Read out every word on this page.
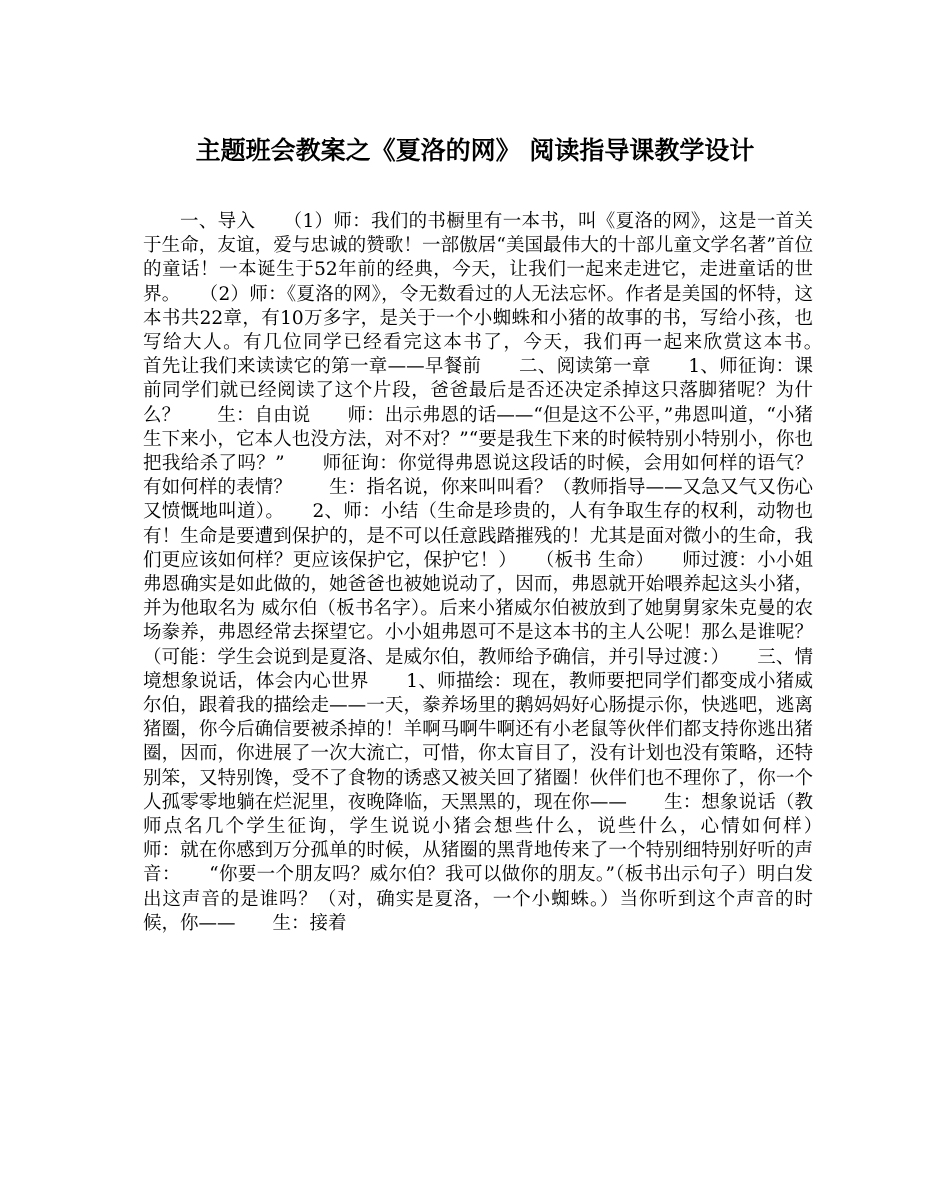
主题班会教案之《夏洛的网》 阅读指导课教学设计

一、导入　　（1）师：我们的书橱里有一本书，叫《夏洛的网》，这是一首关于生命，友谊，爱与忠诚的赞歌！一部傲居“美国最伟大的十部儿童文学名著”首位的童话！一本诞生于52年前的经典，今天，让我们一起来走进它，走进童话的世界。　　（2）师：《夏洛的网》，令无数看过的人无法忘怀。作者是美国的怀特，这本书共22章，有10万多字，是关于一个小蜘蛛和小猪的故事的书，写给小孩，也写给大人。有几位同学已经看完这本书了，今天，我们再一起来欣赏这本书。　　首先让我们来读读它的第一章——早餐前　　二、阅读第一章　　1、师征询：课前同学们就已经阅读了这个片段，爸爸最后是否还决定杀掉这只落脚猪呢？为什么？　　生：自由说　　师：出示弗恩的话——“但是这不公平，”弗恩叫道，“小猪生下来小，它本人也没方法，对不对？”“要是我生下来的时候特别小特别小，你也把我给杀了吗？”　　师征询：你觉得弗恩说这段话的时候，会用如何样的语气？有如何样的表情？　　生：指名说，你来叫叫看？（教师指导——又急又气又伤心又愤慨地叫道）。　　2、师：小结（生命是珍贵的，人有争取生存的权利，动物也有！生命是要遭到保护的，是不可以任意践踏摧残的！尤其是面对微小的生命，我们更应该如何样？更应该保护它，保护它！）　　（板书 生命）　　师过渡：小小姐弗恩确实是如此做的，她爸爸也被她说动了，因而，弗恩就开始喂养起这头小猪，并为他取名为 威尔伯（板书名字）。后来小猪威尔伯被放到了她舅舅家朱克曼的农场豢养，弗恩经常去探望它。小小姐弗恩可不是这本书的主人公呢！那么是谁呢？　　（可能：学生会说到是夏洛、是威尔伯，教师给予确信，并引导过渡：）　　三、情境想象说话，体会内心世界　　1、师描绘：现在，教师要把同学们都变成小猪威尔伯，跟着我的描绘走——一天，豢养场里的鹅妈妈好心肠提示你，快逃吧，逃离猪圈，你今后确信要被杀掉的！羊啊马啊牛啊还有小老鼠等伙伴们都支持你逃出猪圈，因而，你进展了一次大流亡，可惜，你太盲目了，没有计划也没有策略，还特别笨，又特别馋，受不了食物的诱惑又被关回了猪圈！伙伴们也不理你了，你一个人孤零零地躺在烂泥里，夜晚降临，天黑黑的，现在你——　　生：想象说话（教师点名几个学生征询，学生说说小猪会想些什么，说些什么，心情如何样）　　师：就在你感到万分孤单的时候，从猪圈的黑背地传来了一个特别细特别好听的声音：　　“你要一个朋友吗？威尔伯？我可以做你的朋友。”（板书出示句子）明白发出这声音的是谁吗？（对，确实是夏洛，一个小蜘蛛。）当你听到这个声音的时候，你——　　生：接着
